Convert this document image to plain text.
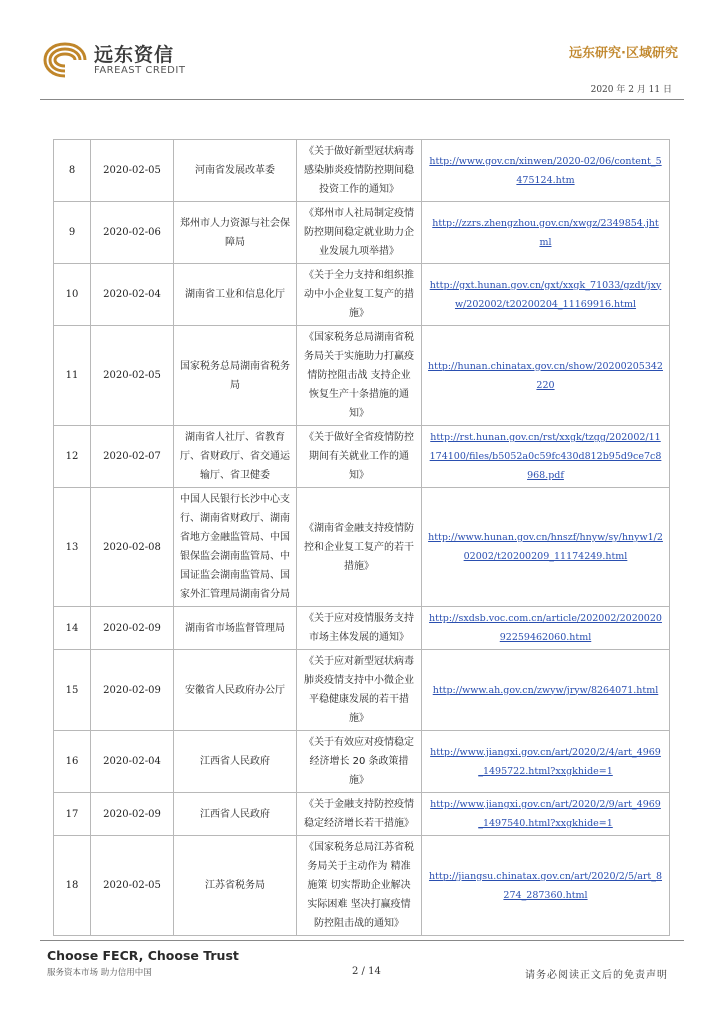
远东资信
FAREAST CREDIT
远东研究·区域研究
2020 年 2 月 11 日
8	2020-02-05	河南省发展改革委	《关于做好新型冠状病毒感染肺炎疫情防控期间稳投资工作的通知》	http://www.gov.cn/xinwen/2020-02/06/content_5475124.htm
9	2020-02-06	郑州市人力资源与社会保障局	《郑州市人社局制定疫情防控期间稳定就业助力企业发展九项举措》	http://zzrs.zhengzhou.gov.cn/xwgz/2349854.jhtml
10	2020-02-04	湖南省工业和信息化厅	《关于全力支持和组织推动中小企业复工复产的措施》	http://gxt.hunan.gov.cn/gxt/xxgk_71033/gzdt/jxyw/202002/t20200204_11169916.html
11	2020-02-05	国家税务总局湖南省税务局	《国家税务总局湖南省税务局关于实施助力打赢疫情防控阻击战 支持企业恢复生产十条措施的通知》	http://hunan.chinatax.gov.cn/show/20200205342220
12	2020-02-07	湖南省人社厅、省教育厅、省财政厅、省交通运输厅、省卫健委	《关于做好全省疫情防控期间有关就业工作的通知》	http://rst.hunan.gov.cn/rst/xxgk/tzgg/202002/11174100/files/b5052a0c59fc430d812b95d9ce7c8968.pdf
13	2020-02-08	中国人民银行长沙中心支行、湖南省财政厅、湖南省地方金融监管局、中国银保监会湖南监管局、中国证监会湖南监管局、国家外汇管理局湖南省分局	《湖南省金融支持疫情防控和企业复工复产的若干措施》	http://www.hunan.gov.cn/hnszf/hnyw/sy/hnyw1/202002/t20200209_11174249.html
14	2020-02-09	湖南省市场监督管理局	《关于应对疫情服务支持市场主体发展的通知》	http://sxdsb.voc.com.cn/article/202002/202002092259462060.html
15	2020-02-09	安徽省人民政府办公厅	《关于应对新型冠状病毒肺炎疫情支持中小微企业平稳健康发展的若干措施》	http://www.ah.gov.cn/zwyw/jryw/8264071.html
16	2020-02-04	江西省人民政府	《关于有效应对疫情稳定经济增长 20 条政策措施》	http://www.jiangxi.gov.cn/art/2020/2/4/art_4969_1495722.html?xxgkhide=1
17	2020-02-09	江西省人民政府	《关于金融支持防控疫情稳定经济增长若干措施》	http://www.jiangxi.gov.cn/art/2020/2/9/art_4969_1497540.html?xxgkhide=1
18	2020-02-05	江苏省税务局	《国家税务总局江苏省税务局关于主动作为 精准施策 切实帮助企业解决实际困难 坚决打赢疫情防控阻击战的通知》	http://jiangsu.chinatax.gov.cn/art/2020/2/5/art_8274_287360.html
Choose FECR, Choose Trust
服务资本市场 助力信用中国	2 / 14	请务必阅读正文后的免责声明
